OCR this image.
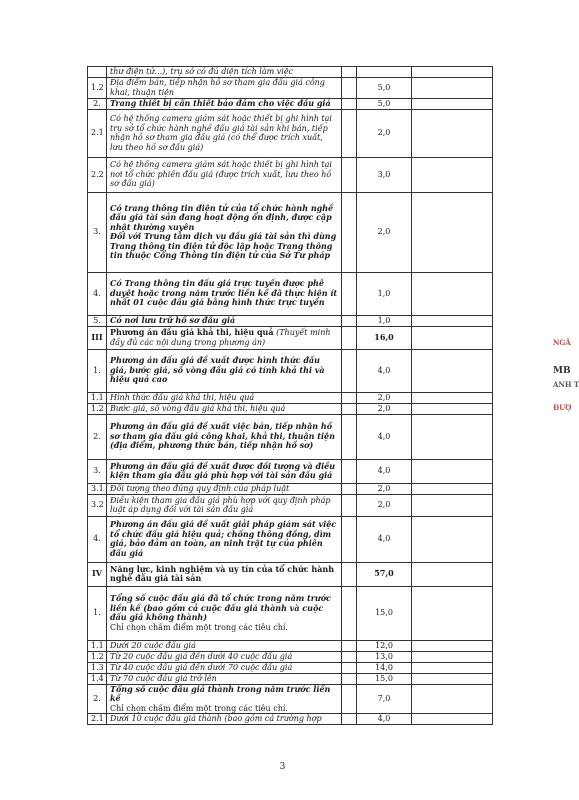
	thư điện tử...), trụ sở có đủ diện tích làm việc			
1.2	Địa điểm bán, tiếp nhận hồ sơ tham gia đấu giá công khai, thuận tiện		5,0	
2.	Trang thiết bị cần thiết bảo đảm cho việc đấu giá		5,0	
2.1	Có hệ thống camera giám sát hoặc thiết bị ghi hình tại trụ sở tổ chức hành nghề đấu giá tài sản khi bán, tiếp nhận hồ sơ tham gia đấu giá (có thể được trích xuất, lưu theo hồ sơ đấu giá)		2,0	
2.2	Có hệ thống camera giám sát hoặc thiết bị ghi hình tại nơi tổ chức phiên đấu giá (được trích xuất, lưu theo hồ sơ đấu giá)		3,0	
3.	Có trang thông tin điện tử của tổ chức hành nghề đấu giá tài sản đang hoạt động ổn định, được cập nhật thường xuyên
Đối với Trung tâm dịch vụ đấu giá tài sản thì dùng Trang thông tin điện tử độc lập hoặc Trang thông tin thuộc Cổng Thông tin điện tử của Sở Tư pháp		2,0	
4.	Có Trang thông tin đấu giá trực tuyến được phê duyệt hoặc trong năm trước liền kề đã thực hiện ít nhất 01 cuộc đấu giá bằng hình thức trực tuyến		1,0	
5.	Có nơi lưu trữ hồ sơ đấu giá		1,0	
III	Phương án đấu giá khả thi, hiệu quả (Thuyết minh đầy đủ các nội dung trong phương án)		16,0	
1.	Phương án đấu giá đề xuất được hình thức đấu giá, bước giá, số vòng đấu giá có tính khả thi và hiệu quả cao		4,0	
1.1	Hình thức đấu giá khả thi, hiệu quả		2,0	
1.2	Bước giá, số vòng đấu giá khả thi, hiệu quả		2,0	
2.	Phương án đấu giá đề xuất việc bán, tiếp nhận hồ sơ tham gia đấu giá công khai, khả thi, thuận tiện (địa điểm, phương thức bán, tiếp nhận hồ sơ)		4,0	
3.	Phương án đấu giá đề xuất được đối tượng và điều kiện tham gia đấu giá phù hợp với tài sản đấu giá		4,0	
3.1	Đối tượng theo đúng quy định của pháp luật		2,0	
3.2	Điều kiện tham gia đấu giá phù hợp với quy định pháp luật áp dụng đối với tài sản đấu giá		2,0	
4.	Phương án đấu giá đề xuất giải pháp giám sát việc tổ chức đấu giá hiệu quả; chống thông đồng, dìm giá, bảo đảm an toàn, an ninh trật tự của phiên đấu giá		4,0	
IV	Năng lực, kinh nghiệm và uy tín của tổ chức hành nghề đấu giá tài sản		57,0	
1.	Tổng số cuộc đấu giá đã tổ chức trong năm trước liền kề (bao gồm cả cuộc đấu giá thành và cuộc đấu giá không thành)
Chỉ chọn chấm điểm một trong các tiêu chí.		15,0	
1.1	Dưới 20 cuộc đấu giá		12,0	
1.2	Từ 20 cuộc đấu giá đến dưới 40 cuộc đấu giá		13,0	
1.3	Từ 40 cuộc đấu giá đến dưới 70 cuộc đấu giá		14,0	
1.4	Từ 70 cuộc đấu giá trở lên		15,0	
2.	Tổng số cuộc đấu giá thành trong năm trước liền kề
Chỉ chọn chấm điểm một trong các tiêu chí.		7,0	
2.1	Dưới 10 cuộc đấu giá thành (bao gồm cả trường hợp		4,0	
3
NGÂ
MB
ANH T
ĐƯỢ
